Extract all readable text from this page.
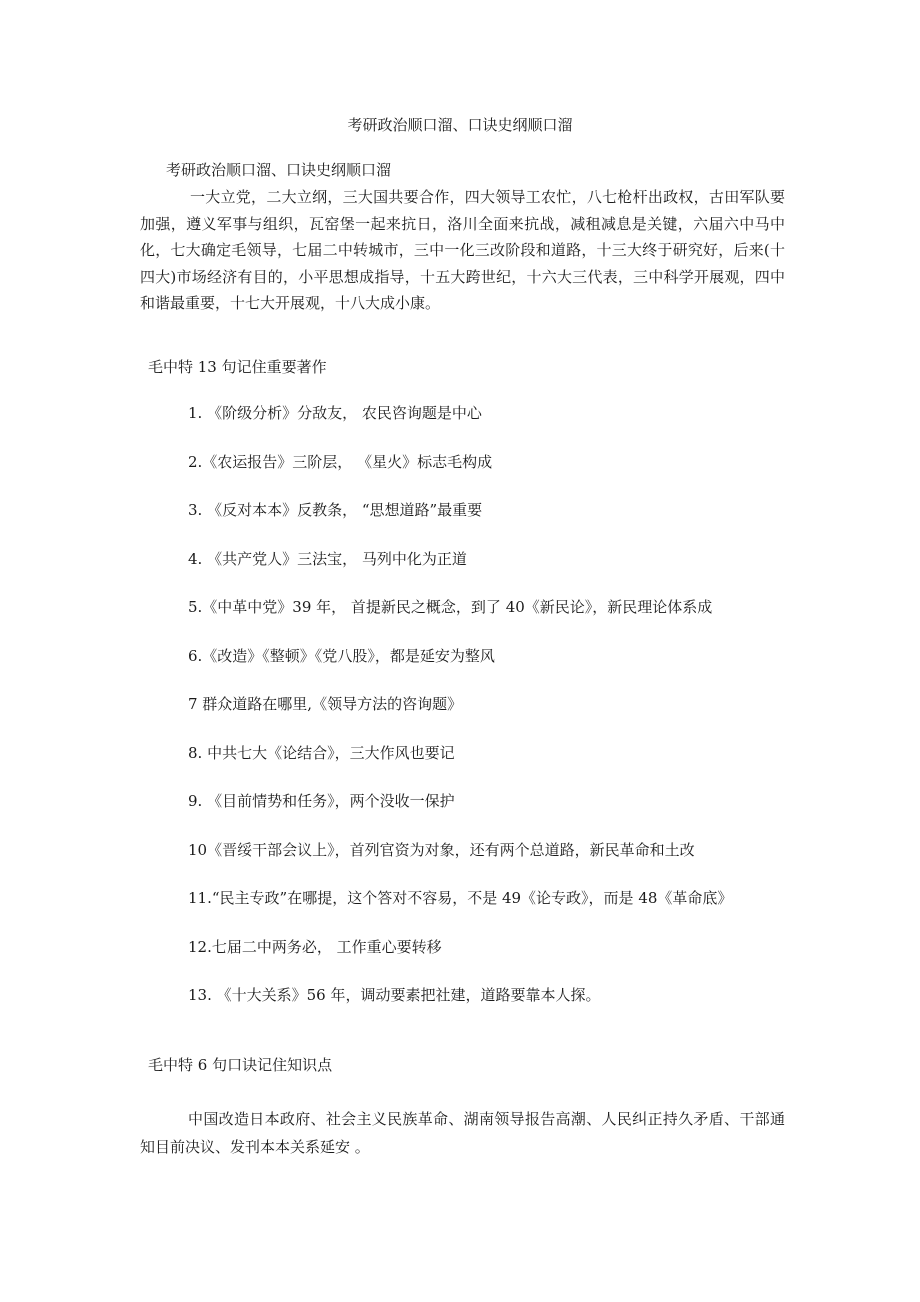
考研政治顺口溜、口诀史纲顺口溜
考研政治顺口溜、口诀史纲顺口溜
一大立党，二大立纲，三大国共要合作，四大领导工农忙，八七枪杆出政权，古田军队要加强，遵义军事与组织，瓦窑堡一起来抗日，洛川全面来抗战，减租减息是关键，六届六中马中化，七大确定毛领导，七届二中转城市，三中一化三改阶段和道路，十三大终于研究好，后来(十四大)市场经济有目的，小平思想成指导，十五大跨世纪，十六大三代表，三中科学开展观，四中和谐最重要，十七大开展观，十八大成小康。
毛中特 13 句记住重要著作
1. 《阶级分析》分敌友， 农民咨询题是中心
2.《农运报告》三阶层， 《星火》标志毛构成
3. 《反对本本》反教条， “思想道路”最重要
4. 《共产党人》三法宝， 马列中化为正道
5.《中革中党》39 年， 首提新民之概念，到了 40《新民论》，新民理论体系成
6.《改造》《整顿》《党八股》，都是延安为整风
7 群众道路在哪里,《领导方法的咨询题》
8. 中共七大《论结合》，三大作风也要记
9. 《目前情势和任务》，两个没收一保护
10《晋绥干部会议上》，首列官资为对象，还有两个总道路，新民革命和土改
11.“民主专政”在哪提，这个答对不容易，不是 49《论专政》，而是 48《革命底》
12.七届二中两务必， 工作重心要转移
13. 《十大关系》56 年，调动要素把社建，道路要靠本人探。
毛中特 6 句口诀记住知识点
中国改造日本政府、社会主义民族革命、湖南领导报告高潮、人民纠正持久矛盾、干部通知目前决议、发刊本本关系延安 。
